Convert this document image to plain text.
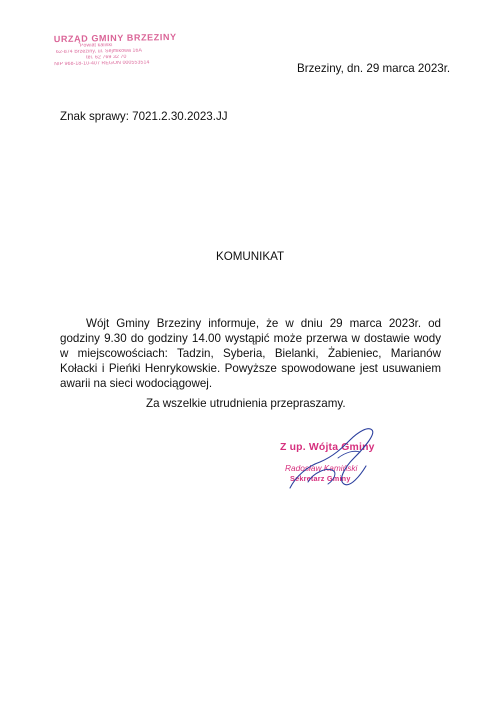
URZĄD GMINY BRZEZINY
Powiat kaliski
62-874 Brzeziny, ul. Sejmikowa 16A
tel. 62 769 32 70
NIP 968-18-10-407 REGON 000553514	Brzeziny, dn. 29 marca 2023r.
Znak sprawy: 7021.2.30.2023.JJ
KOMUNIKAT

Wójt Gminy Brzeziny informuje, że w dniu 29 marca 2023r. od godziny 9.30 do godziny 14.00 wystąpić może przerwa w dostawie wody w miejscowościach: Tadzin, Syberia, Bielanki, Żabieniec, Marianów Kołacki i Pieńki Henrykowskie. Powyższe spowodowane jest usuwaniem awarii na sieci wodociągowej.

Za wszelkie utrudnienia przepraszamy.
Z up. Wójta Gminy
Radosław Kamiński
Sekretarz Gminy
